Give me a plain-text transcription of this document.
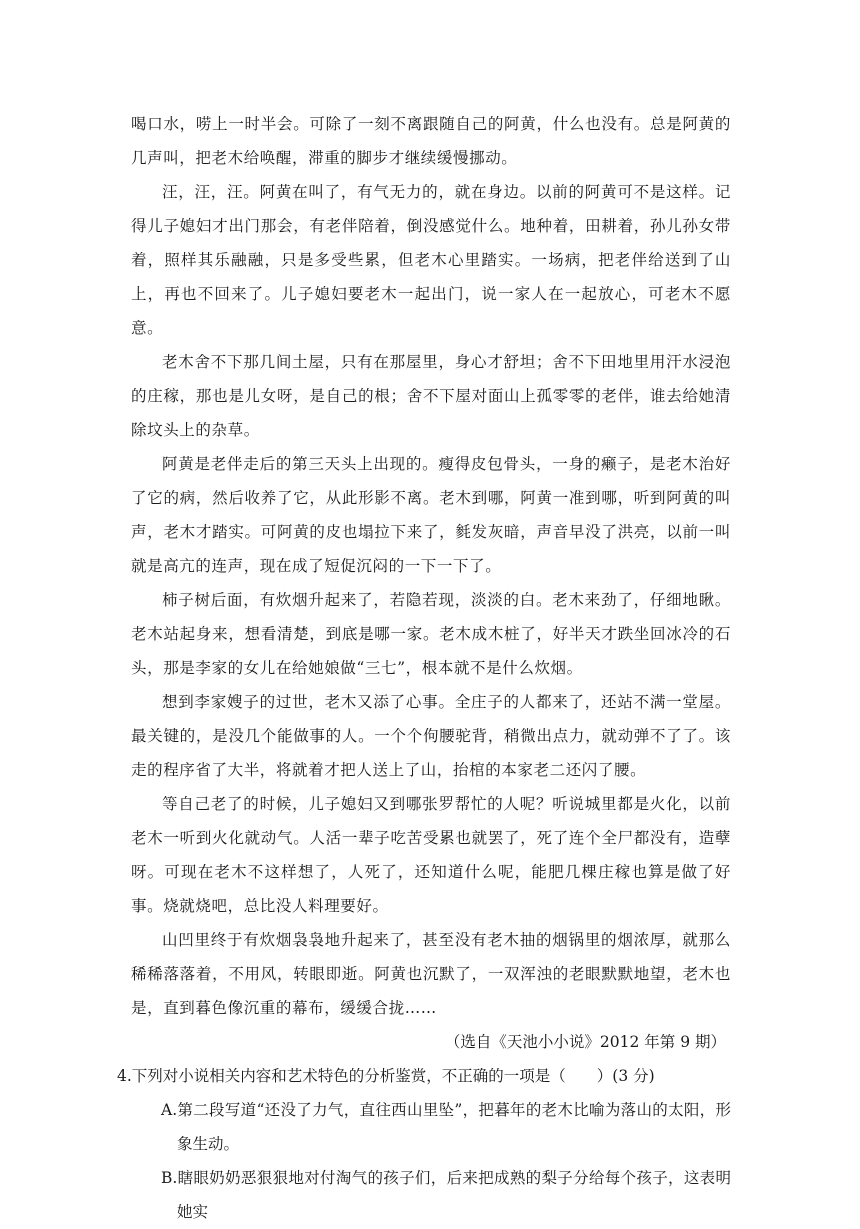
喝口水，唠上一时半会。可除了一刻不离跟随自己的阿黄，什么也没有。总是阿黄的几声叫，把老木给唤醒，滞重的脚步才继续缓慢挪动。

汪，汪，汪。阿黄在叫了，有气无力的，就在身边。以前的阿黄可不是这样。记得儿子媳妇才出门那会，有老伴陪着，倒没感觉什么。地种着，田耕着，孙儿孙女带着，照样其乐融融，只是多受些累，但老木心里踏实。一场病，把老伴给送到了山上，再也不回来了。儿子媳妇要老木一起出门，说一家人在一起放心，可老木不愿意。

老木舍不下那几间土屋，只有在那屋里，身心才舒坦；舍不下田地里用汗水浸泡的庄稼，那也是儿女呀，是自己的根；舍不下屋对面山上孤零零的老伴，谁去给她清除坟头上的杂草。

阿黄是老伴走后的第三天头上出现的。瘦得皮包骨头，一身的癞子，是老木治好了它的病，然后收养了它，从此形影不离。老木到哪，阿黄一准到哪，听到阿黄的叫声，老木才踏实。可阿黄的皮也塌拉下来了，毵发灰暗，声音早没了洪亮，以前一叫就是高亢的连声，现在成了短促沉闷的一下一下了。

柿子树后面，有炊烟升起来了，若隐若现，淡淡的白。老木来劲了，仔细地瞅。老木站起身来，想看清楚，到底是哪一家。老木成木桩了，好半天才跌坐回冰冷的石头，那是李家的女儿在给她娘做“三七”，根本就不是什么炊烟。

想到李家嫂子的过世，老木又添了心事。全庄子的人都来了，还站不满一堂屋。最关键的，是没几个能做事的人。一个个佝腰驼背，稍微出点力，就动弹不了了。该走的程序省了大半，将就着才把人送上了山，抬棺的本家老二还闪了腰。

等自己老了的时候，儿子媳妇又到哪张罗帮忙的人呢？听说城里都是火化，以前老木一听到火化就动气。人活一辈子吃苦受累也就罢了，死了连个全尸都没有，造孽呀。可现在老木不这样想了，人死了，还知道什么呢，能肥几棵庄稼也算是做了好事。烧就烧吧，总比没人料理要好。

山凹里终于有炊烟袅袅地升起来了，甚至没有老木抽的烟锅里的烟浓厚，就那么稀稀落落着，不用风，转眼即逝。阿黄也沉默了，一双浑浊的老眼默默地望，老木也是，直到暮色像沉重的幕布，缓缓合拢……

（选自《天池小小说》2012 年第 9 期）

4.下列对小说相关内容和艺术特色的分析鉴赏，不正确的一项是（　　）(3 分)

A.第二段写道“还没了力气，直往西山里坠”，把暮年的老木比喻为落山的太阳，形象生动。

B.瞎眼奶奶恶狠狠地对付淘气的孩子们，后来把成熟的梨子分给每个孩子，这表明她实
